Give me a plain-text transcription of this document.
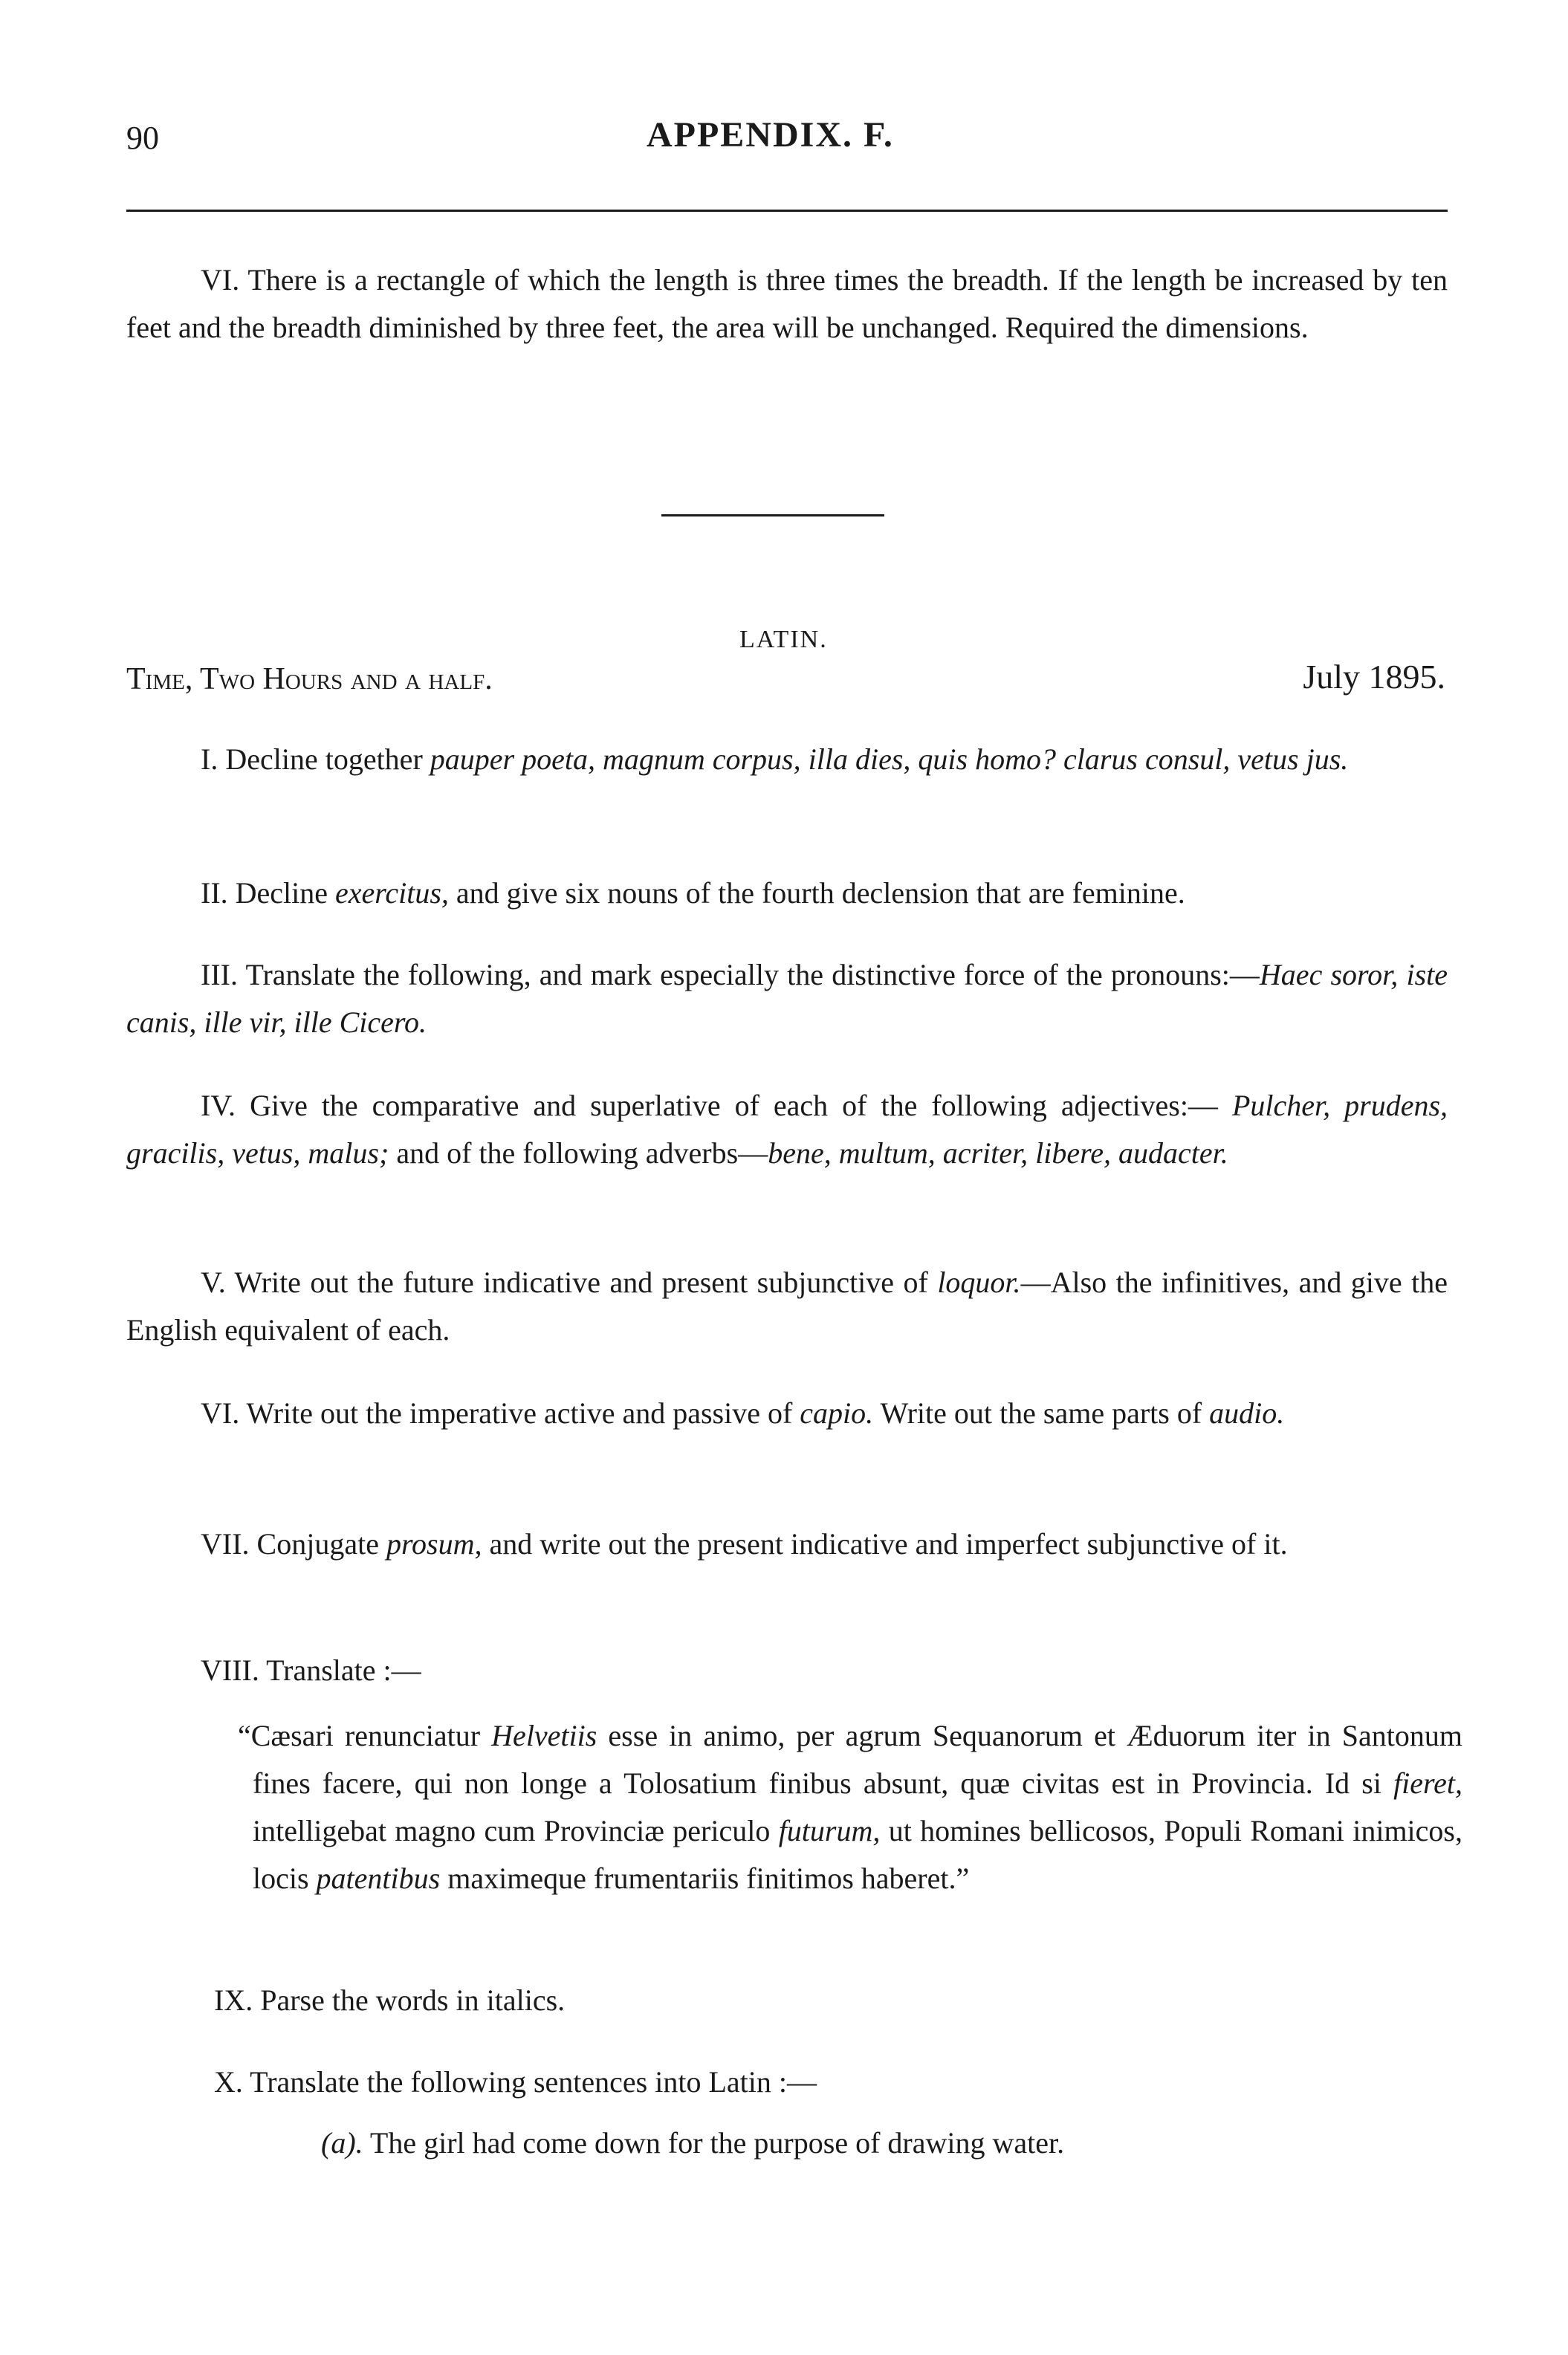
90	APPENDIX. F.
VI. There is a rectangle of which the length is three times the breadth. If the length be increased by ten feet and the breadth diminished by three feet, the area will be unchanged. Required the dimensions.
LATIN.
Time, Two Hours and a half.	July 1895.
I. Decline together pauper poeta, magnum corpus, illa dies, quis homo? clarus consul, vetus jus.
II. Decline exercitus, and give six nouns of the fourth declension that are feminine.
III. Translate the following, and mark especially the distinctive force of the pronouns:—Haec soror, iste canis, ille vir, ille Cicero.
IV. Give the comparative and superlative of each of the following adjectives:— Pulcher, prudens, gracilis, vetus, malus; and of the following adverbs—bene, multum, acriter, libere, audacter.
V. Write out the future indicative and present subjunctive of loquor.—Also the infinitives, and give the English equivalent of each.
VI. Write out the imperative active and passive of capio. Write out the same parts of audio.
VII. Conjugate prosum, and write out the present indicative and imperfect subjunctive of it.
VIII. Translate :—
“Cæsari renunciatur Helvetiis esse in animo, per agrum Sequanorum et Æduorum iter in Santonum fines facere, qui non longe a Tolosatium finibus absunt, quæ civitas est in Provincia. Id si fieret, intelligebat magno cum Provinciæ periculo futurum, ut homines bellicosos, Populi Romani inimicos, locis patentibus maximeque frumentariis finitimos haberet.”
IX. Parse the words in italics.
X. Translate the following sentences into Latin :—
(a). The girl had come down for the purpose of drawing water.
